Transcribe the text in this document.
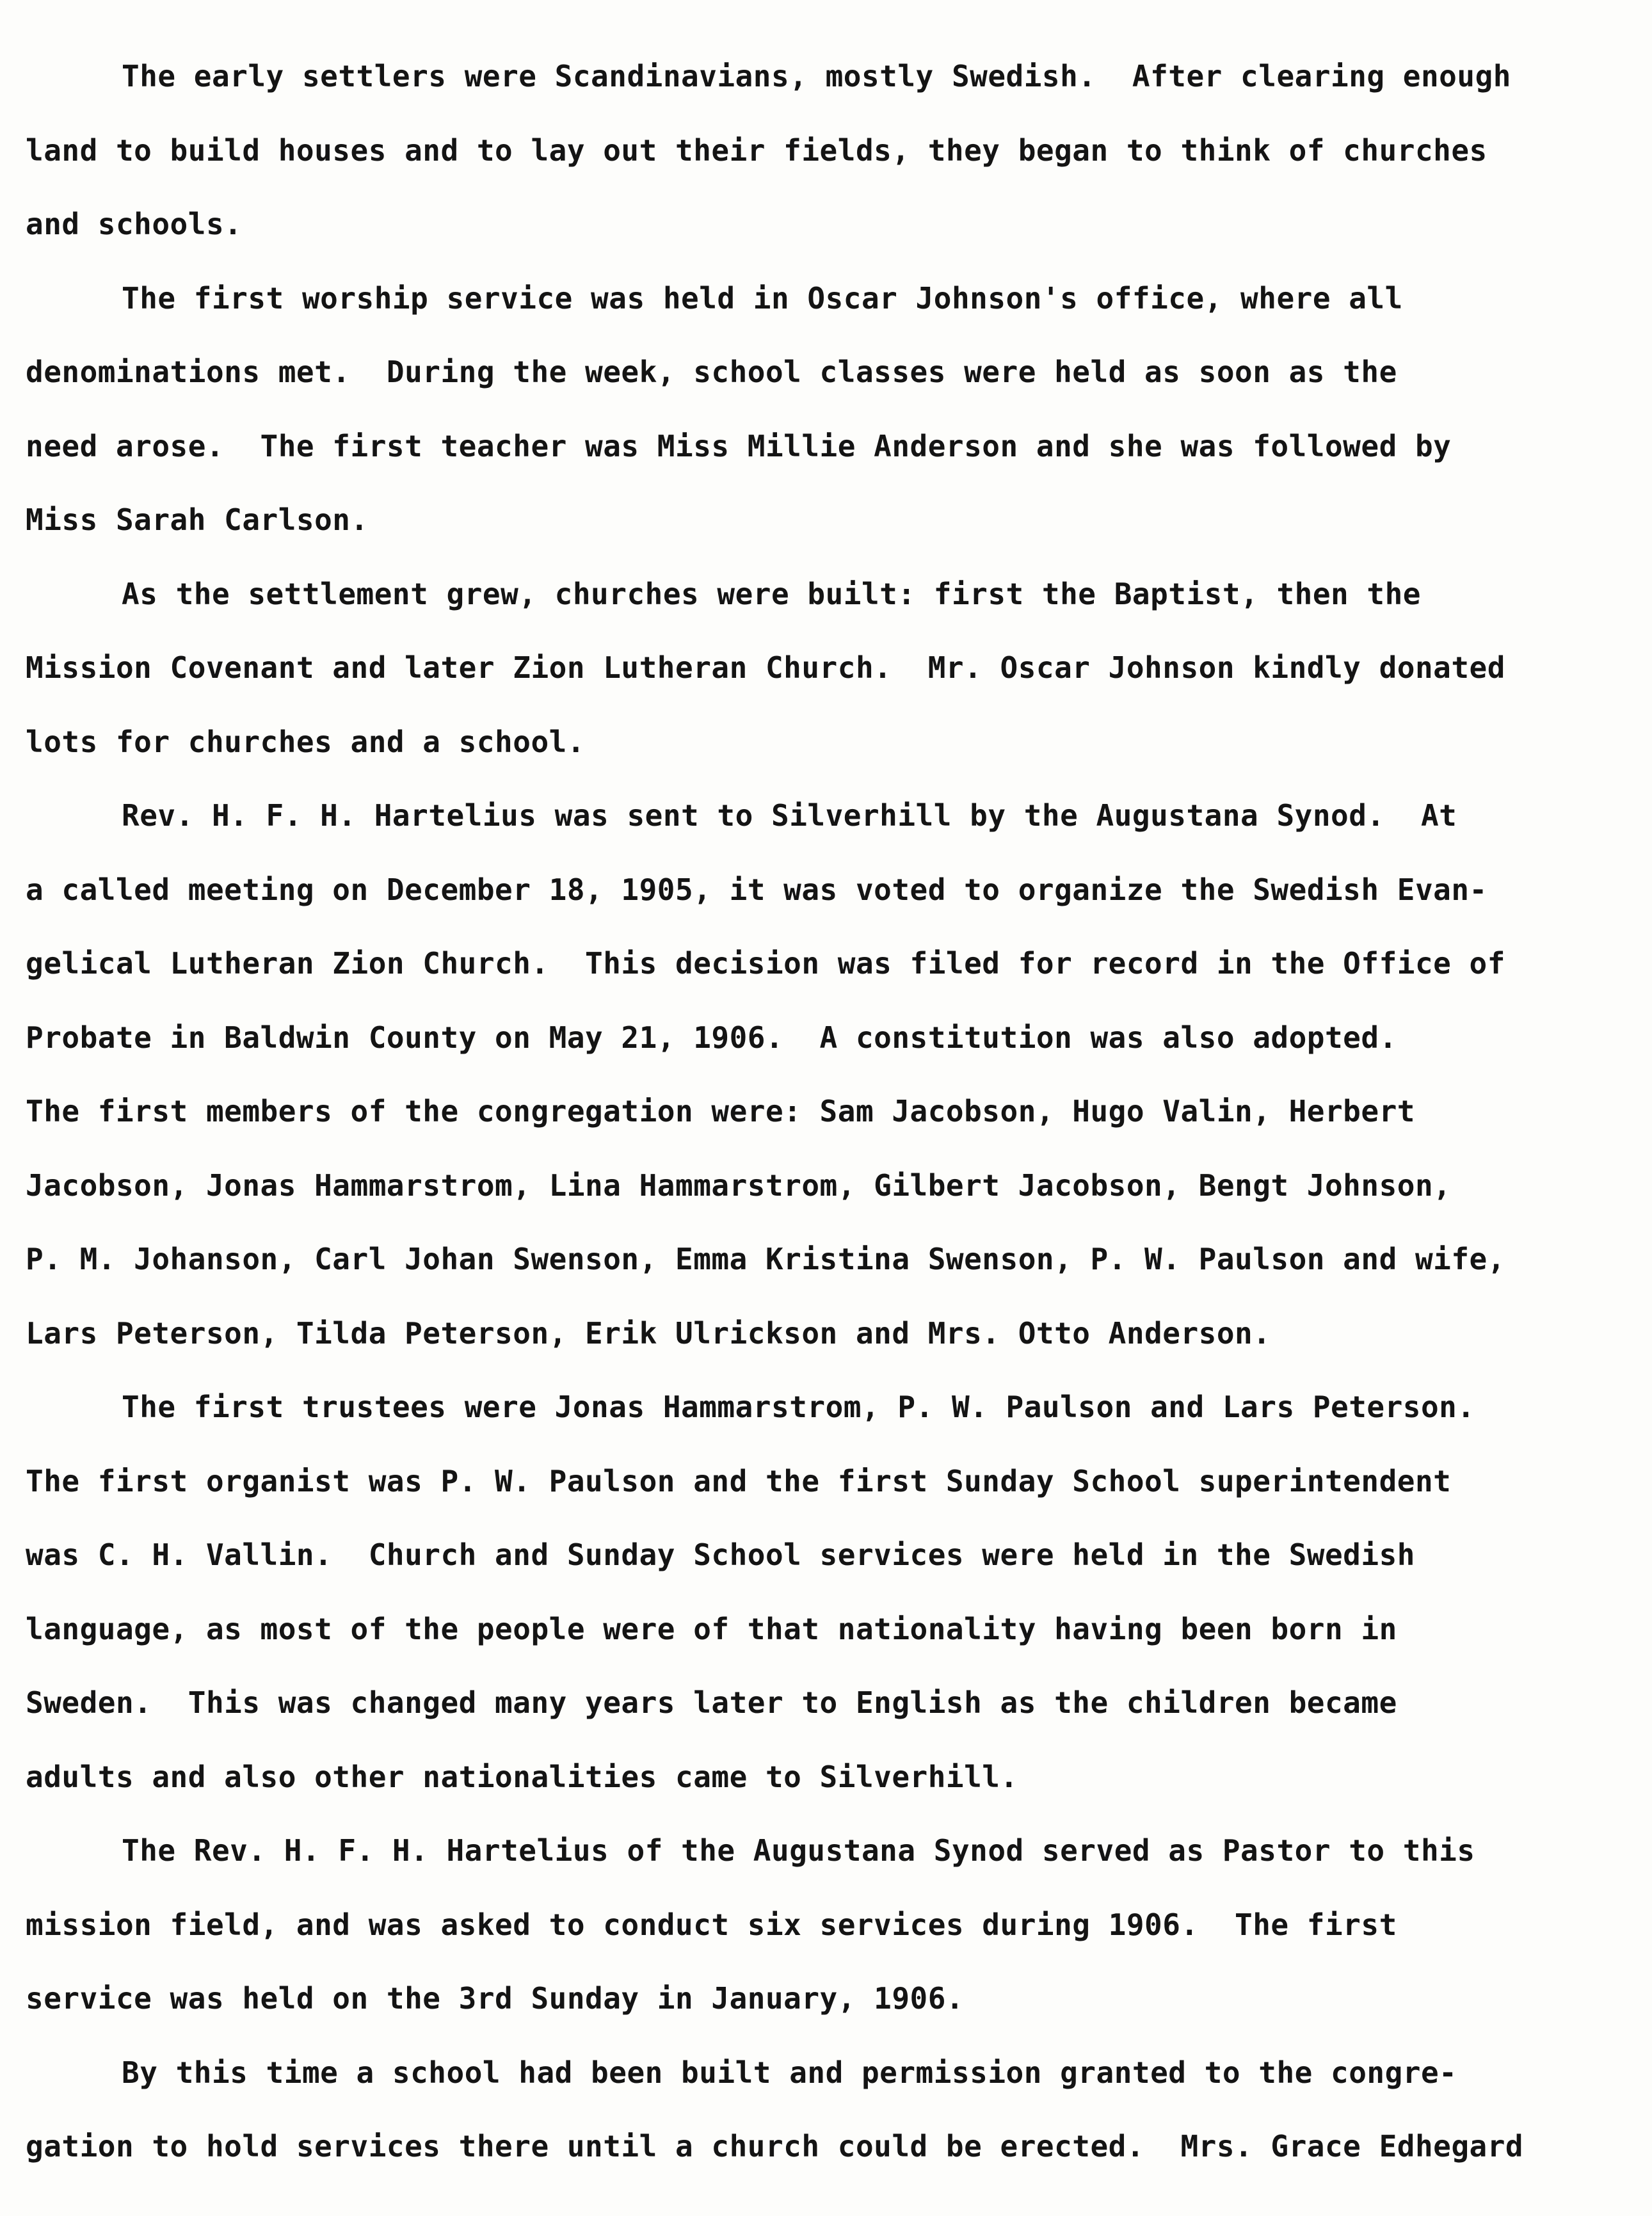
The early settlers were Scandinavians, mostly Swedish.  After clearing enough
land to build houses and to lay out their fields, they began to think of churches
and schools.
The first worship service was held in Oscar Johnson's office, where all
denominations met.  During the week, school classes were held as soon as the
need arose.  The first teacher was Miss Millie Anderson and she was followed by
Miss Sarah Carlson.
As the settlement grew, churches were built: first the Baptist, then the
Mission Covenant and later Zion Lutheran Church.  Mr. Oscar Johnson kindly donated
lots for churches and a school.
Rev. H. F. H. Hartelius was sent to Silverhill by the Augustana Synod.  At
a called meeting on December 18, 1905, it was voted to organize the Swedish Evan-
gelical Lutheran Zion Church.  This decision was filed for record in the Office of
Probate in Baldwin County on May 21, 1906.  A constitution was also adopted.
The first members of the congregation were: Sam Jacobson, Hugo Valin, Herbert
Jacobson, Jonas Hammarstrom, Lina Hammarstrom, Gilbert Jacobson, Bengt Johnson,
P. M. Johanson, Carl Johan Swenson, Emma Kristina Swenson, P. W. Paulson and wife,
Lars Peterson, Tilda Peterson, Erik Ulrickson and Mrs. Otto Anderson.
The first trustees were Jonas Hammarstrom, P. W. Paulson and Lars Peterson.
The first organist was P. W. Paulson and the first Sunday School superintendent
was C. H. Vallin.  Church and Sunday School services were held in the Swedish
language, as most of the people were of that nationality having been born in
Sweden.  This was changed many years later to English as the children became
adults and also other nationalities came to Silverhill.
The Rev. H. F. H. Hartelius of the Augustana Synod served as Pastor to this
mission field, and was asked to conduct six services during 1906.  The first
service was held on the 3rd Sunday in January, 1906.
By this time a school had been built and permission granted to the congre-
gation to hold services there until a church could be erected.  Mrs. Grace Edhegard
